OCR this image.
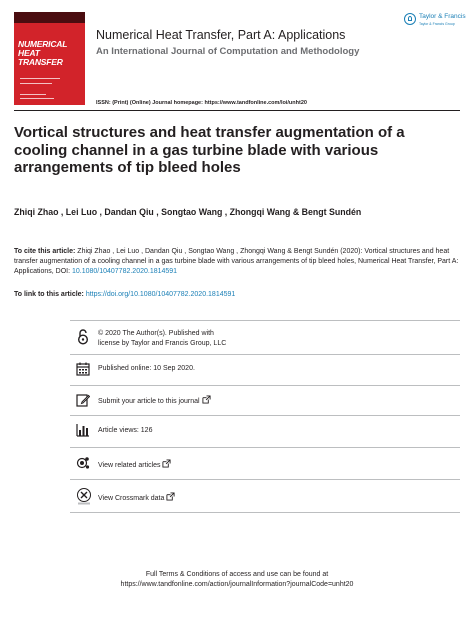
NUMERICAL
HEAT
TRANSFER
Numerical Heat Transfer, Part A: Applications
An International Journal of Computation and Methodology
Taylor & Francis
Taylor & Francis Group
ISSN: (Print) (Online) Journal homepage: https://www.tandfonline.com/loi/unht20
Vortical structures and heat transfer augmentation of a cooling channel in a gas turbine blade with various arrangements of tip bleed holes
Zhiqi Zhao , Lei Luo , Dandan Qiu , Songtao Wang , Zhongqi Wang & Bengt Sundén
To cite this article: Zhiqi Zhao , Lei Luo , Dandan Qiu , Songtao Wang , Zhongqi Wang & Bengt Sundén (2020): Vortical structures and heat transfer augmentation of a cooling channel in a gas turbine blade with various arrangements of tip bleed holes, Numerical Heat Transfer, Part A: Applications, DOI: 10.1080/10407782.2020.1814591
To link to this article: https://doi.org/10.1080/10407782.2020.1814591
© 2020 The Author(s). Published with
license by Taylor and Francis Group, LLC
Published online: 10 Sep 2020.
Submit your article to this journal
Article views: 126
View related articles
View Crossmark data
Full Terms & Conditions of access and use can be found at
https://www.tandfonline.com/action/journalInformation?journalCode=unht20
